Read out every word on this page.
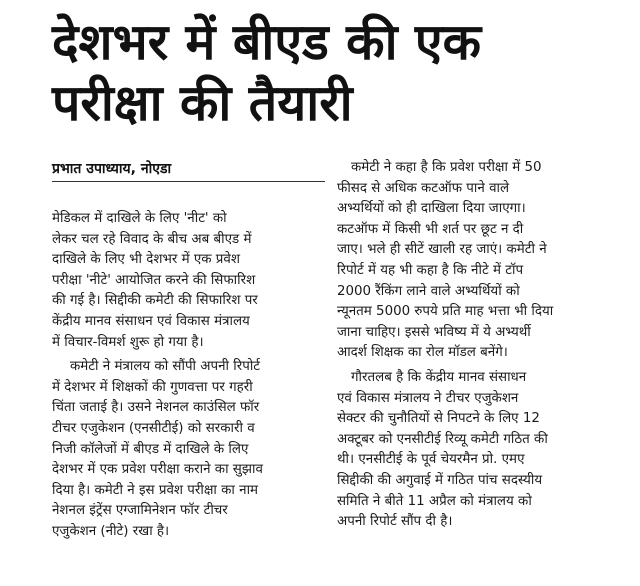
देशभर में बीएड की एक
परीक्षा की तैयारी
प्रभात उपाध्याय, नोएडा

मेडिकल में दाखिले के लिए 'नीट' को
लेकर चल रहे विवाद के बीच अब बीएड में
दाखिले के लिए भी देशभर में एक प्रवेश
परीक्षा 'नीटे' आयोजित करने की सिफारिश
की गई है। सिद्दीकी कमेटी की सिफारिश पर
केंद्रीय मानव संसाधन एवं विकास मंत्रालय
में विचार-विमर्श शुरू हो गया है।

कमेटी ने मंत्रालय को सौंपी अपनी रिपोर्ट

में देशभर में शिक्षकों की गुणवत्ता पर गहरी
चिंता जताई है। उसने नेशनल काउंसिल फॉर
टीचर एजुकेशन (एनसीटीई) को सरकारी व
निजी कॉलेजों में बीएड में दाखिले के लिए
देशभर में एक प्रवेश परीक्षा कराने का सुझाव
दिया है। कमेटी ने इस प्रवेश परीक्षा का नाम
नेशनल इंट्रेंस एग्जामिनेशन फॉर टीचर
एजुकेशन (नीटे) रखा है।

कमेटी ने कहा है कि प्रवेश परीक्षा में 50

फीसद से अधिक कटऑफ पाने वाले
अभ्यर्थियों को ही दाखिला दिया जाएगा।
कटऑफ में किसी भी शर्त पर छूट न दी
जाए। भले ही सीटें खाली रह जाएं। कमेटी ने
रिपोर्ट में यह भी कहा है कि नीटे में टॉप
2000 रैंकिंग लाने वाले अभ्यर्थियों को
न्यूनतम 5000 रुपये प्रति माह भत्ता भी दिया
जाना चाहिए। इससे भविष्य में ये अभ्यर्थी
आदर्श शिक्षक का रोल मॉडल बनेंगे।

गौरतलब है कि केंद्रीय मानव संसाधन

एवं विकास मंत्रालय ने टीचर एजुकेशन
सेक्टर की चुनौतियों से निपटने के लिए 12
अक्टूबर को एनसीटीई रिव्यू कमेटी गठित की
थी। एनसीटीई के पूर्व चेयरमैन प्रो. एमए
सिद्दीकी की अगुवाई में गठित पांच सदस्यीय
समिति ने बीते 11 अप्रैल को मंत्रालय को
अपनी रिपोर्ट सौंप दी है।
